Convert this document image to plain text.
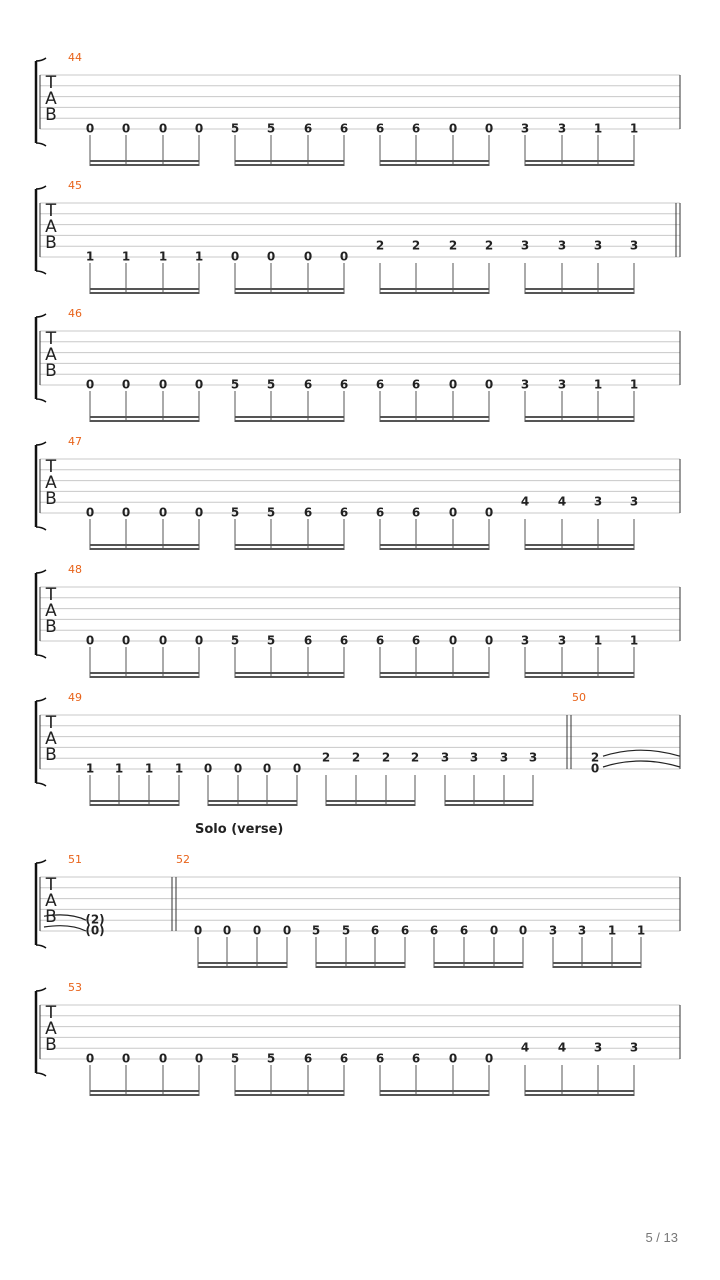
T
A
B
44
0 0 0 0 5 5 6 6 6 6 0 0 3 3 1 1
T
A
B
45
1 1 1 1 0 0 0 0
2 2 2 2 3 3 3 3
T
A
B
46
0 0 0 0 5 5 6 6 6 6 0 0 3 3 1 1
T
A
B
47
0 0 0 0 5 5 6 6 6 6 0 0
4 4 3 3
T
A
B
48
0 0 0 0 5 5 6 6 6 6 0 0 3 3 1 1
T
A
B
49
1 1 1 1 0 0 0 0
2 2 2 2 3 3 3 3
50
2
0
T
A
B
51
(2)
(0)
52
0 0 0 0 5 5 6 6 6 6 0 0 3 3 1 1
T
A
B
53
0 0 0 0 5 5 6 6 6 6 0 0
4 4 3 3
Solo (verse)
5 / 13
